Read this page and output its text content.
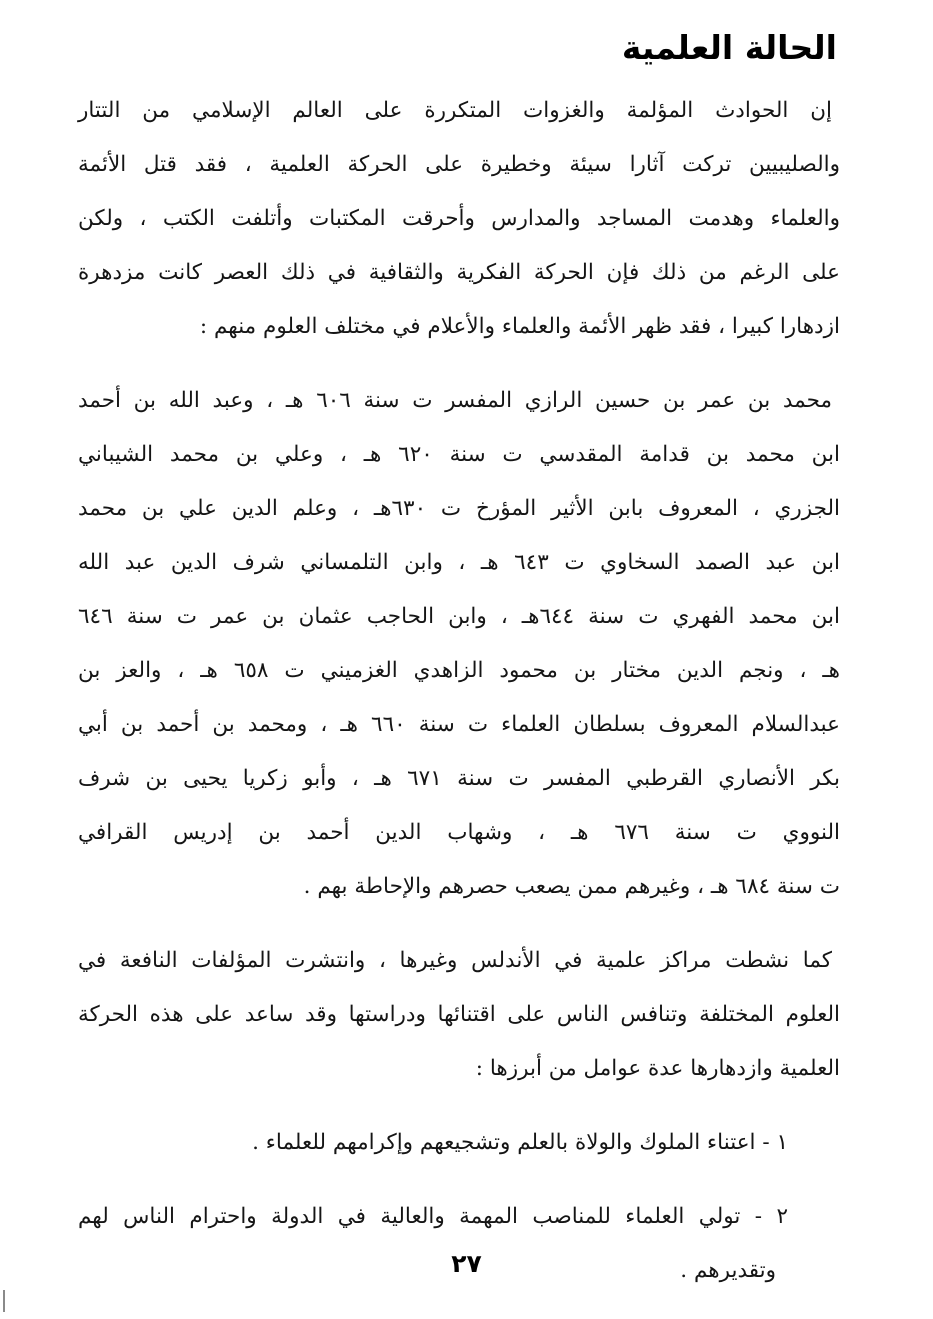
الحالة العلمية
إن الحوادث المؤلمة والغزوات المتكررة على العالم الإسلامي من التتار
والصليبيين تركت آثارا سيئة وخطيرة على الحركة العلمية ، فقد قتل الأئمة
والعلماء وهدمت المساجد والمدارس وأحرقت المكتبات وأتلفت الكتب ، ولكن
على الرغم من ذلك فإن الحركة الفكرية والثقافية في ذلك العصر كانت مزدهرة
ازدهارا كبيرا ، فقد ظهر الأئمة والعلماء والأعلام في مختلف العلوم منهم :
محمد بن عمر بن حسين الرازي المفسر ت سنة ٦٠٦ هـ ، وعبد الله بن أحمد
ابن محمد بن قدامة المقدسي ت سنة ٦٢٠ هـ ، وعلي بن محمد الشيباني
الجزري ، المعروف بابن الأثير المؤرخ ت ٦٣٠هـ ، وعلم الدين علي بن محمد
ابن عبد الصمد السخاوي ت ٦٤٣ هـ ، وابن التلمساني شرف الدين عبد الله
ابن محمد الفهري ت سنة ٦٤٤هـ ، وابن الحاجب عثمان بن عمر ت سنة ٦٤٦
هـ ، ونجم الدين مختار بن محمود الزاهدي الغزميني ت ٦٥٨ هـ ، والعز بن
عبدالسلام المعروف بسلطان العلماء ت سنة ٦٦٠ هـ ، ومحمد بن أحمد بن أبي
بكر الأنصاري القرطبي المفسر ت سنة ٦٧١ هـ ، وأبو زكريا يحيى بن شرف
النووي ت سنة ٦٧٦ هـ ، وشهاب الدين أحمد بن إدريس القرافي
ت سنة ٦٨٤ هـ ، وغيرهم ممن يصعب حصرهم والإحاطة بهم .
كما نشطت مراكز علمية في الأندلس وغيرها ، وانتشرت المؤلفات النافعة في
العلوم المختلفة وتنافس الناس على اقتنائها ودراستها وقد ساعد على هذه الحركة
العلمية وازدهارها عدة عوامل من أبرزها :
١ - اعتناء الملوك والولاة بالعلم وتشجيعهم وإكرامهم للعلماء .
٢ - تولي العلماء للمناصب المهمة والعالية في الدولة واحترام الناس لهم
وتقديرهم .
٢٧
